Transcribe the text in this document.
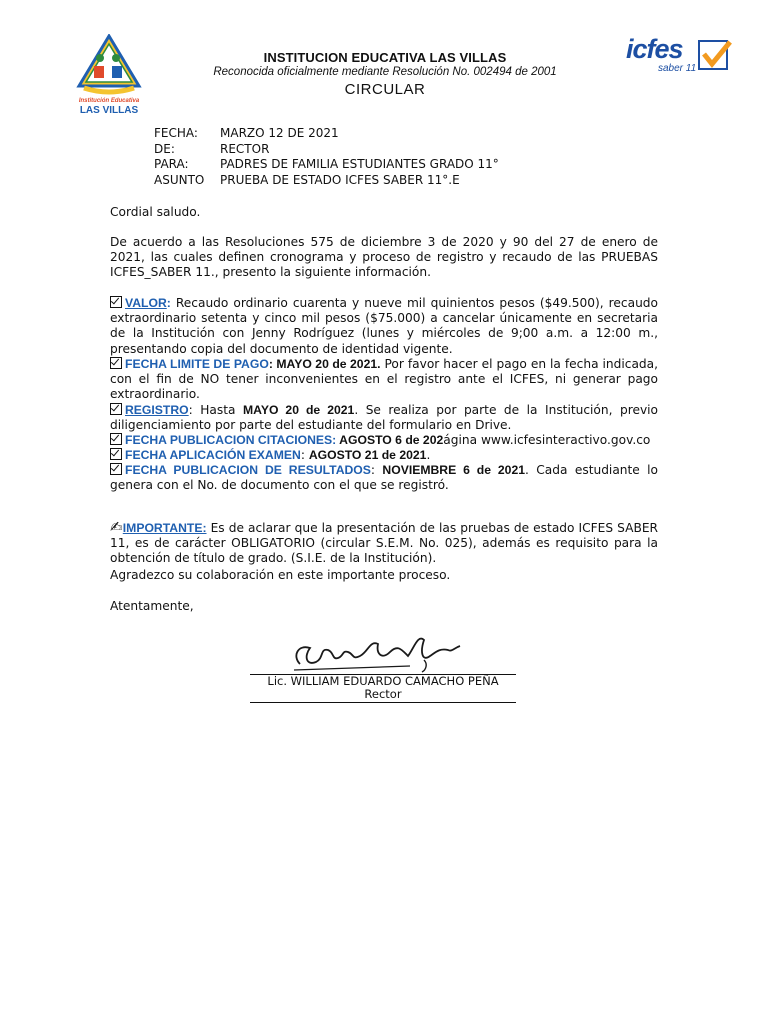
Institución Educativa
LAS VILLAS
icfes
saber 11
INSTITUCION EDUCATIVA LAS VILLAS
Reconocida oficialmente mediante Resolución No. 002494 de 2001
CIRCULAR
FECHA: MARZO 12 DE 2021
DE:	RECTOR
PARA:	PADRES DE FAMILIA ESTUDIANTES GRADO 11°
ASUNTO PRUEBA DE ESTADO ICFES SABER 11°.E
Cordial saludo.
De acuerdo a las Resoluciones 575 de diciembre 3 de 2020 y 90 del 27 de enero de 2021, las cuales definen cronograma y proceso de registro y recaudo de las PRUEBAS ICFES_SABER 11., presento la siguiente información.
VALOR: Recaudo ordinario cuarenta y nueve mil quinientos pesos ($49.500), recaudo extraordinario setenta y cinco mil pesos ($75.000) a cancelar únicamente en secretaria de la Institución con Jenny Rodríguez (lunes y miércoles de 9;00 a.m. a 12:00 m., presentando copia del documento de identidad vigente.
FECHA LIMITE DE PAGO: MAYO 20 de 2021. Por favor hacer el pago en la fecha indicada, con el fin de NO tener inconvenientes en el registro ante el ICFES, ni generar pago extraordinario.
REGISTRO: Hasta MAYO 20 de 2021. Se realiza por parte de la Institución, previo diligenciamiento por parte del estudiante del formulario en Drive.
FECHA PUBLICACION CITACIONES: AGOSTO 6 de 202ágina www.icfesinteractivo.gov.co
FECHA APLICACIÓN EXAMEN: AGOSTO 21 de 2021.
FECHA PUBLICACION DE RESULTADOS: NOVIEMBRE 6 de 2021. Cada estudiante lo genera con el No. de documento con el que se registró.
✍IMPORTANTE: Es de aclarar que la presentación de las pruebas de estado ICFES SABER 11, es de carácter OBLIGATORIO (circular S.E.M. No. 025), además es requisito para la obtención de título de grado. (S.I.E. de la Institución).
Agradezco su colaboración en este importante proceso.
Atentamente,
Lic. WILLIAM EDUARDO CAMACHO PEÑA
Rector
